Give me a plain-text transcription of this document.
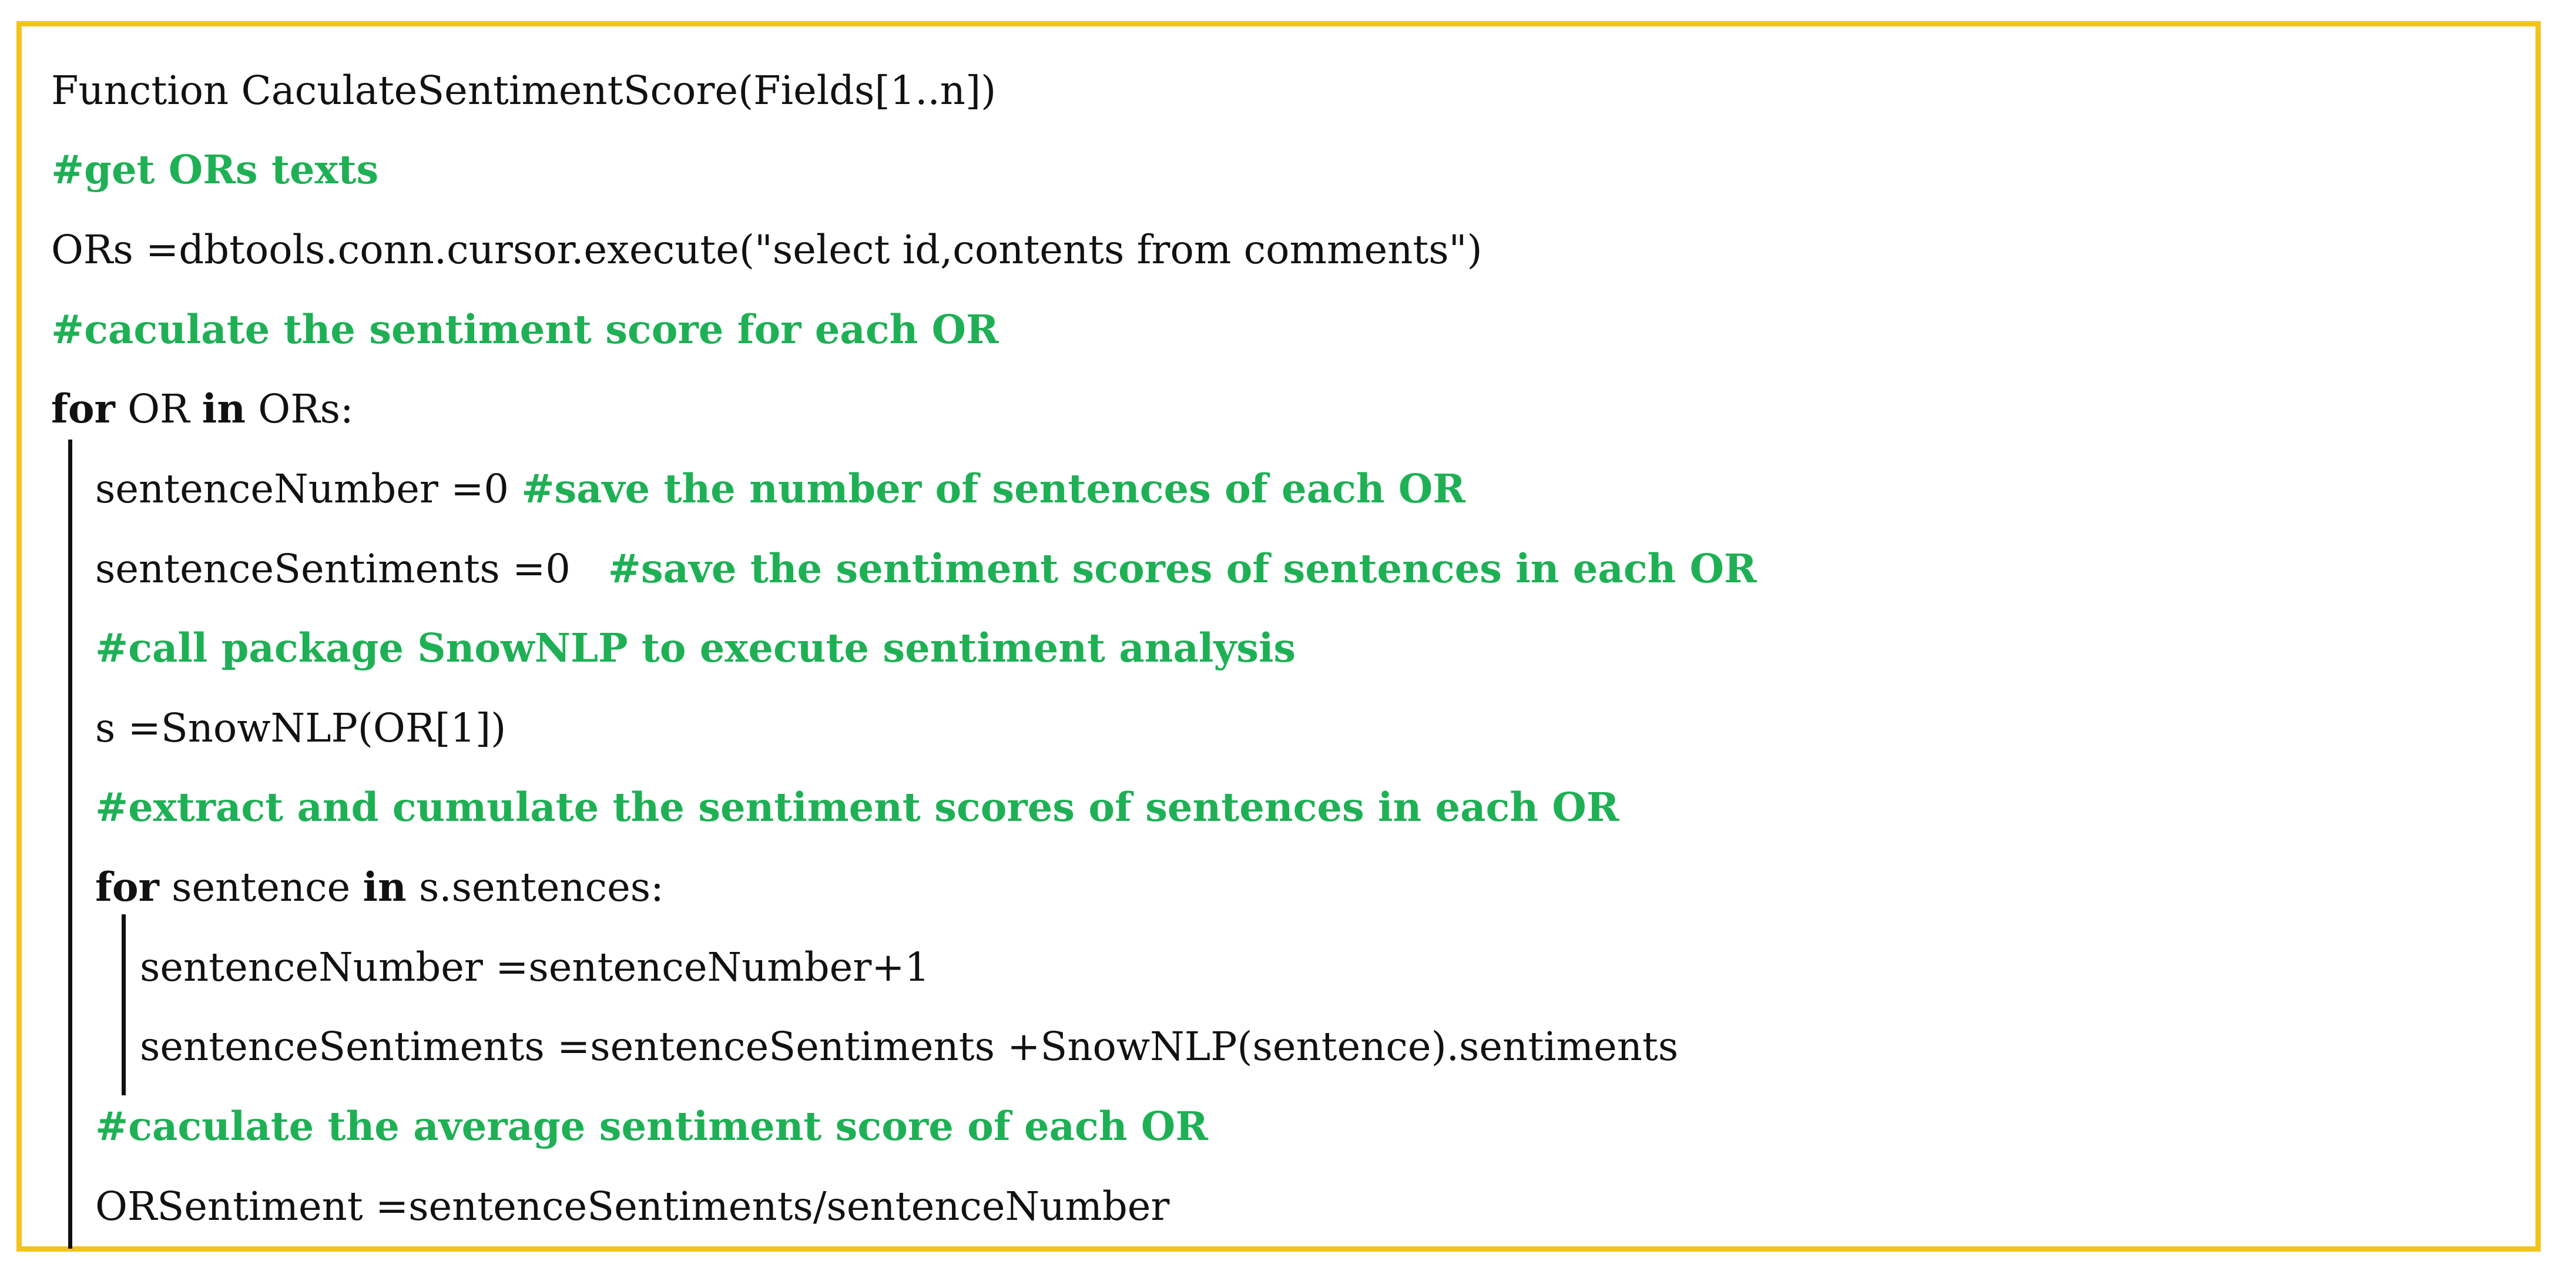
Function CaculateSentimentScore(Fields[1..n])
#get ORs texts
ORs =dbtools.conn.cursor.execute("select id,contents from comments")
#caculate the sentiment score for each OR
for OR in ORs:
sentenceNumber =0 #save the number of sentences of each OR
sentenceSentiments =0   #save the sentiment scores of sentences in each OR
#call package SnowNLP to execute sentiment analysis
s =SnowNLP(OR[1])
#extract and cumulate the sentiment scores of sentences in each OR
for sentence in s.sentences:
sentenceNumber =sentenceNumber+1
sentenceSentiments =sentenceSentiments +SnowNLP(sentence).sentiments
#caculate the average sentiment score of each OR
ORSentiment =sentenceSentiments/sentenceNumber
